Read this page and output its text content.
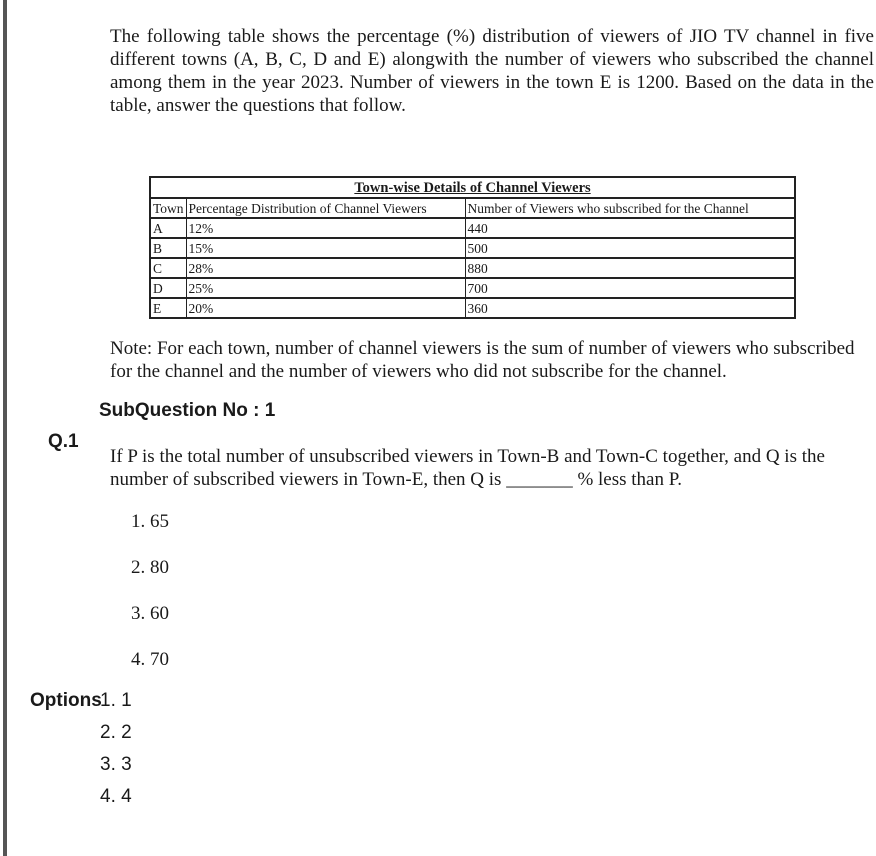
The following table shows the percentage (%) distribution of viewers of JIO TV channel in five different towns (A, B, C, D and E) alongwith the number of viewers who subscribed the channel among them in the year 2023. Number of viewers in the town E is 1200. Based on the data in the table, answer the questions that follow.

Town-wise Details of Channel Viewers
Town	Percentage Distribution of Channel Viewers	Number of Viewers who subscribed for the Channel
A	12%	440
B	15%	500
C	28%	880
D	25%	700
E	20%	360

Note: For each town, number of channel viewers is the sum of number of viewers who subscribed for the channel and the number of viewers who did not subscribe for the channel.

SubQuestion No : 1
Q.1

If P is the total number of unsubscribed viewers in Town-B and Town-C together, and Q is the number of subscribed viewers in Town-E, then Q is _______ % less than P.

1. 65
2. 80
3. 60
4. 70
Options
1. 1
2. 2
3. 3
4. 4
